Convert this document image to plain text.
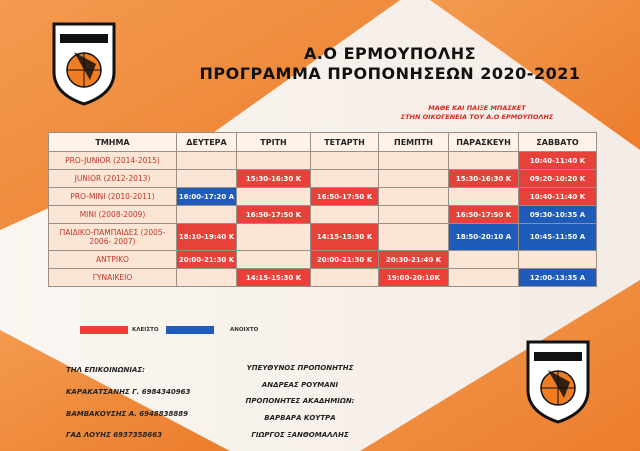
Α.Ο ΕΡΜΟΥΠΟΛΗΣ
ΠΡΟΓΡΑΜΜΑ ΠΡΟΠΟΝΗΣΕΩΝ 2020-2021
ΜΑΘΕ ΚΑΙ ΠΑΙΞΕ ΜΠΑΣΚΕΤ
ΣΤΗΝ ΟΙΚΟΓΕΝΕΙΑ ΤΟΥ Α.Ο ΕΡΜΟΥΠΟΛΗΣ
ΤΜΗΜΑ	ΔΕΥΤΕΡΑ	ΤΡΙΤΗ	ΤΕΤΑΡΤΗ	ΠΕΜΠΤΗ	ΠΑΡΑΣΚΕΥΗ	ΣΑΒΒΑΤΟ
PRO-JUNIOR (2014-2015)						10:40-11:40 Κ
JUNIOR (2012-2013)		15:30-16:30 Κ			15:30-16:30 Κ	09:20-10:20 Κ
PRO-MINI (2010-2011)	16:00-17:20 Α		16:50-17:50 Κ			10:40-11:40 Κ
MINI (2008-2009)		16:50-17:50 Κ			16:50-17:50 Κ	09:30-10:35 Α
ΠΑΙΔΙΚΟ-ΠΑΜΠΑΙΔΕΣ (2005-2006- 2007)	18:10-19:40 Κ		14:15-15:30 Κ		18:50-20:10 Α	10:45-11:50 Α
ΑΝΤΡΙΚΟ	20:00-21:30 Κ		20:00-21:30 Κ	20:30-21:40 Κ		
ΓΥΝΑΙΚΕΙΟ		14:15-15:30 Κ		19:00-20:10Κ		12:00-13:35 Α
ΚΛΕΙΣΤΟ	ΑΝΟΙΧΤΟ
ΤΗΛ ΕΠΙΚΟΙΝΩΝΙΑΣ:
ΚΑΡΑΚΑΤΣΑΝΗΣ Γ. 6984340963
ΒΑΜΒΑΚΟΥΣΗΣ Α. 6948838889
ΓΑΔ ΛΟΥΗΣ 6937358663
ΥΠΕΥΘΥΝΟΣ ΠΡΟΠΟΝΗΤΗΣ
ΑΝΔΡΕΑΣ ΡΟΥΜΑΝΙ
ΠΡΟΠΟΝΗΤΕΣ ΑΚΑΔΗΜΙΩΝ:
ΒΑΡΒΑΡΑ ΚΟΥΤΡΑ
ΓΙΩΡΓΟΣ ΞΑΝΘΟΜΑΛΛΗΣ
